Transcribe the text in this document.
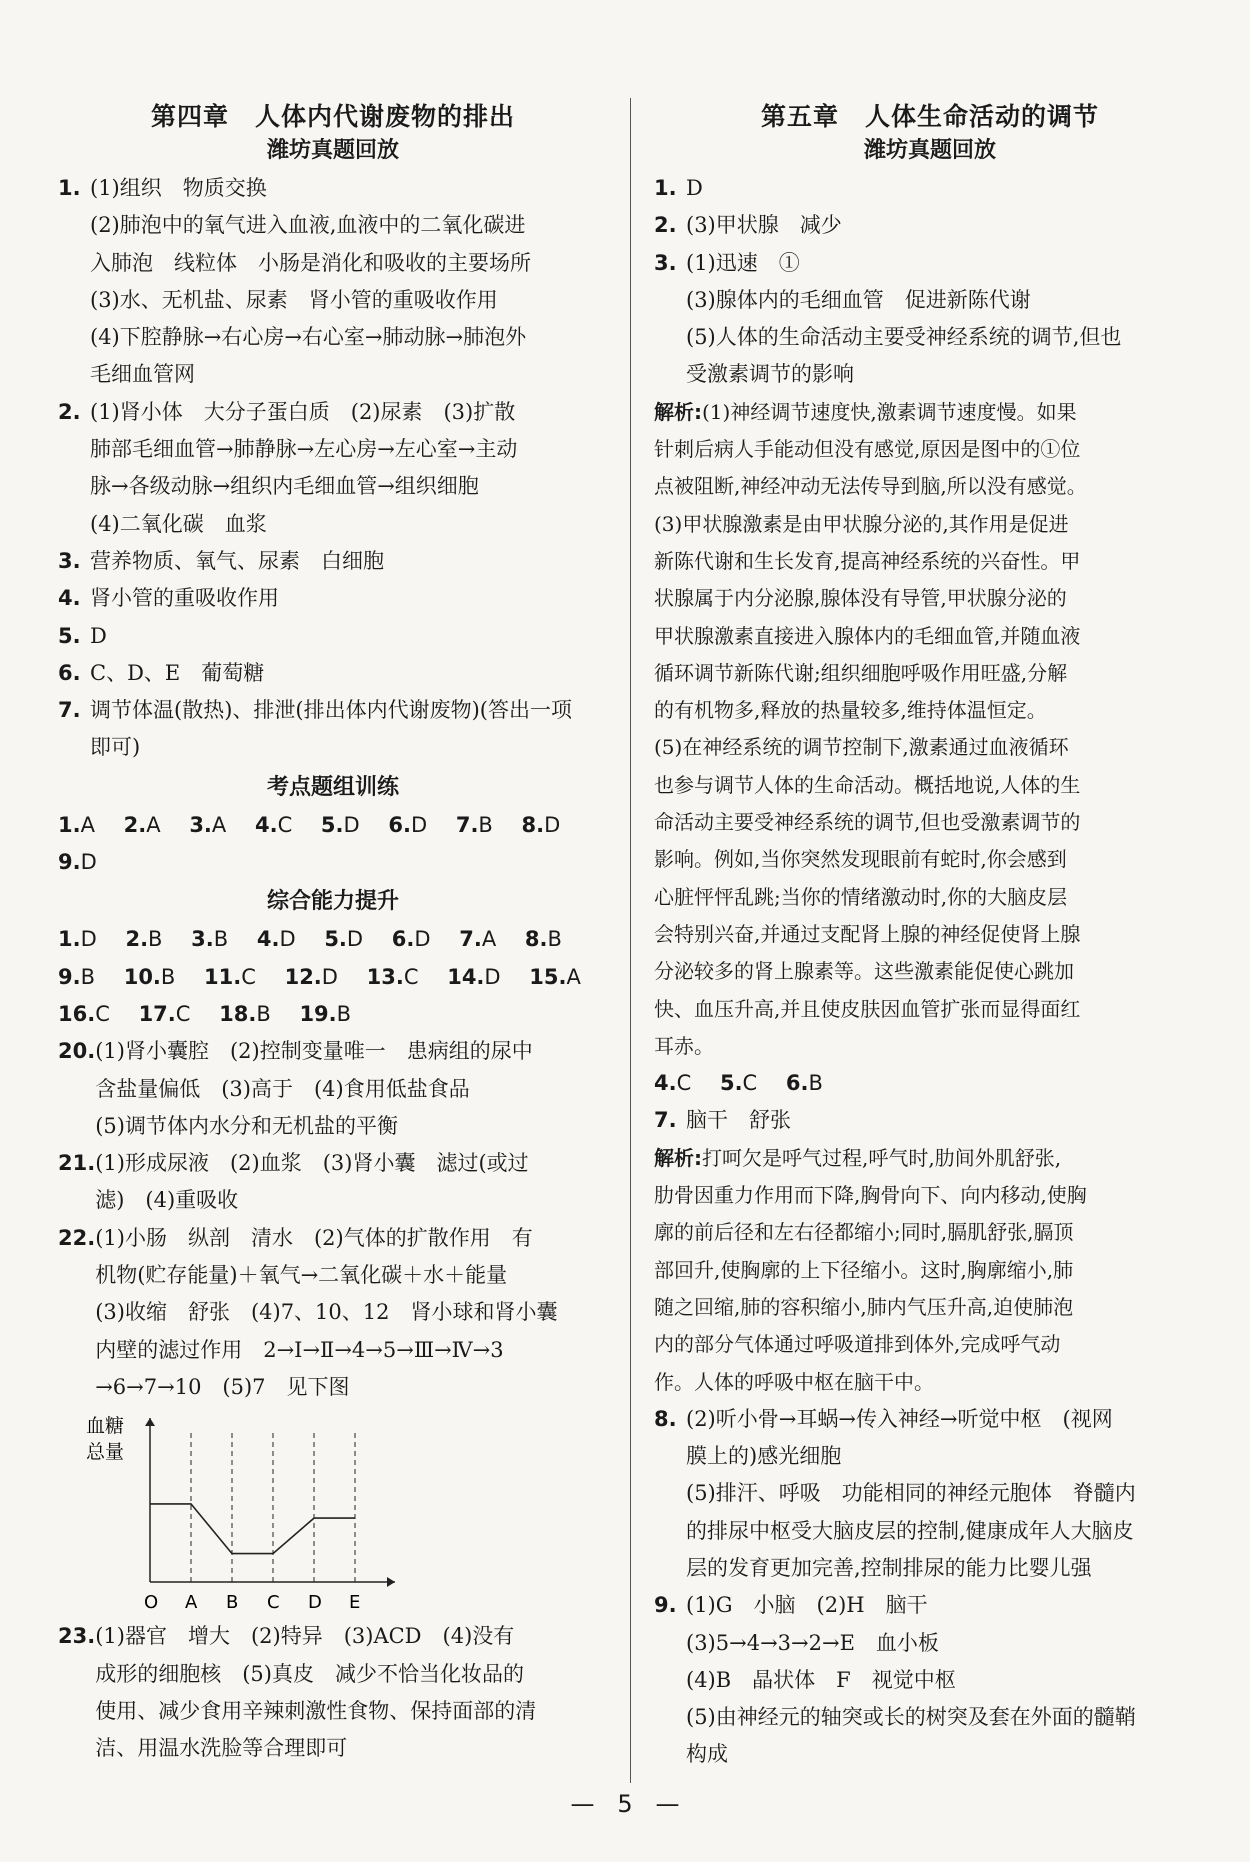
第四章　人体内代谢废物的排出
潍坊真题回放
1. (1)组织　物质交换
(2)肺泡中的氧气进入血液,血液中的二氧化碳进
入肺泡　线粒体　小肠是消化和吸收的主要场所
(3)水、无机盐、尿素　肾小管的重吸收作用
(4)下腔静脉→右心房→右心室→肺动脉→肺泡外
毛细血管网
2. (1)肾小体　大分子蛋白质　(2)尿素　(3)扩散
肺部毛细血管→肺静脉→左心房→左心室→主动
脉→各级动脉→组织内毛细血管→组织细胞
(4)二氧化碳　血浆
3. 营养物质、氧气、尿素　白细胞
4. 肾小管的重吸收作用
5. D
6. C、D、E　葡萄糖
7. 调节体温(散热)、排泄(排出体内代谢废物)(答出一项
即可)
考点题组训练
1.A 2.A 3.A 4.C 5.D 6.D 7.B 8.D
9.D
综合能力提升
1.D 2.B 3.B 4.D 5.D 6.D 7.A 8.B
9.B 10.B 11.C 12.D 13.C 14.D 15.A
16.C 17.C 18.B 19.B
20. (1)肾小囊腔　(2)控制变量唯一　患病组的尿中
含盐量偏低　(3)高于　(4)食用低盐食品
(5)调节体内水分和无机盐的平衡
21. (1)形成尿液　(2)血浆　(3)肾小囊　滤过(或过
滤)　(4)重吸收
22. (1)小肠　纵剖　清水　(2)气体的扩散作用　有
机物(贮存能量)＋氧气→二氧化碳＋水＋能量
(3)收缩　舒张　(4)7、10、12　肾小球和肾小囊
内壁的滤过作用　2→Ⅰ→Ⅱ→4→5→Ⅲ→Ⅳ→3
→6→7→10　(5)7　见下图
血糖
总量
O A B C D E
23. (1)器官　增大　(2)特异　(3)ACD　(4)没有
成形的细胞核　(5)真皮　减少不恰当化妆品的
使用、减少食用辛辣刺激性食物、保持面部的清
洁、用温水洗脸等合理即可
第五章　人体生命活动的调节
潍坊真题回放
1. D
2. (3)甲状腺　减少
3. (1)迅速　①
(3)腺体内的毛细血管　促进新陈代谢
(5)人体的生命活动主要受神经系统的调节,但也
受激素调节的影响
解析:(1)神经调节速度快,激素调节速度慢。如果
针刺后病人手能动但没有感觉,原因是图中的①位
点被阻断,神经冲动无法传导到脑,所以没有感觉。
(3)甲状腺激素是由甲状腺分泌的,其作用是促进
新陈代谢和生长发育,提高神经系统的兴奋性。甲
状腺属于内分泌腺,腺体没有导管,甲状腺分泌的
甲状腺激素直接进入腺体内的毛细血管,并随血液
循环调节新陈代谢;组织细胞呼吸作用旺盛,分解
的有机物多,释放的热量较多,维持体温恒定。
(5)在神经系统的调节控制下,激素通过血液循环
也参与调节人体的生命活动。概括地说,人体的生
命活动主要受神经系统的调节,但也受激素调节的
影响。例如,当你突然发现眼前有蛇时,你会感到
心脏怦怦乱跳;当你的情绪激动时,你的大脑皮层
会特别兴奋,并通过支配肾上腺的神经促使肾上腺
分泌较多的肾上腺素等。这些激素能促使心跳加
快、血压升高,并且使皮肤因血管扩张而显得面红
耳赤。
4.C 5.C 6.B
7. 脑干　舒张
解析:打呵欠是呼气过程,呼气时,肋间外肌舒张,
肋骨因重力作用而下降,胸骨向下、向内移动,使胸
廓的前后径和左右径都缩小;同时,膈肌舒张,膈顶
部回升,使胸廓的上下径缩小。这时,胸廓缩小,肺
随之回缩,肺的容积缩小,肺内气压升高,迫使肺泡
内的部分气体通过呼吸道排到体外,完成呼气动
作。人体的呼吸中枢在脑干中。
8. (2)听小骨→耳蜗→传入神经→听觉中枢　(视网
膜上的)感光细胞
(5)排汗、呼吸　功能相同的神经元胞体　脊髓内
的排尿中枢受大脑皮层的控制,健康成年人大脑皮
层的发育更加完善,控制排尿的能力比婴儿强
9. (1)G　小脑　(2)H　脑干
(3)5→4→3→2→E　血小板
(4)B　晶状体　F　视觉中枢
(5)由神经元的轴突或长的树突及套在外面的髓鞘
构成
— 5 —
